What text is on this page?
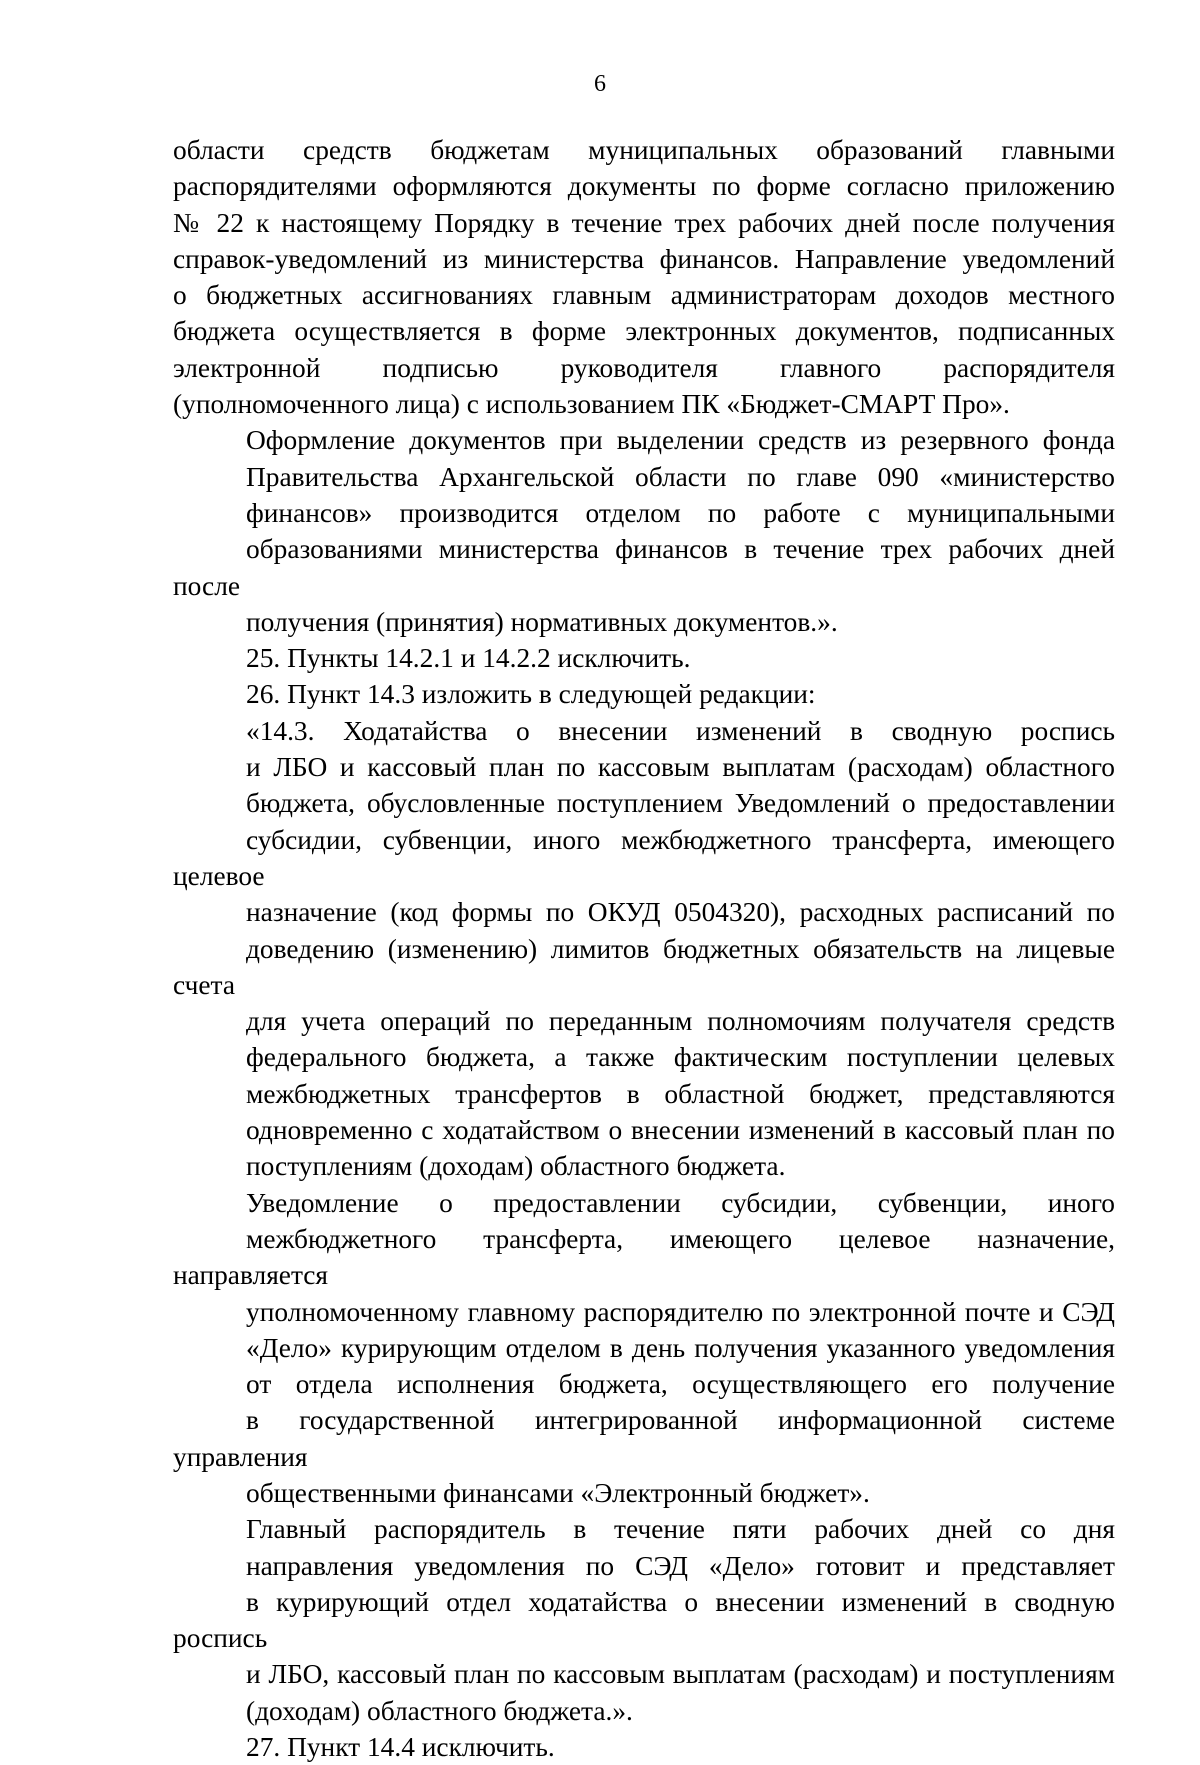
6

области средств бюджетам муниципальных образований главными
распорядителями оформляются документы по форме согласно приложению
№ 22 к настоящему Порядку в течение трех рабочих дней после получения
справок-уведомлений из министерства финансов. Направление уведомлений
о бюджетных ассигнованиях главным администраторам доходов местного
бюджета осуществляется в форме электронных документов, подписанных
электронной подписью руководителя главного распорядителя
(уполномоченного лица) с использованием ПК «Бюджет-СМАРТ Про».

Оформление документов при выделении средств из резервного фонда
Правительства Архангельской области по главе 090 «министерство
финансов» производится отделом по работе с муниципальными
образованиями министерства финансов в течение трех рабочих дней после
получения (принятия) нормативных документов.».

25. Пункты 14.2.1 и 14.2.2 исключить.

26. Пункт 14.3 изложить в следующей редакции:

«14.3. Ходатайства о внесении изменений в сводную роспись
и ЛБО и кассовый план по кассовым выплатам (расходам) областного
бюджета, обусловленные поступлением Уведомлений о предоставлении
субсидии, субвенции, иного межбюджетного трансферта, имеющего целевое
назначение (код формы по ОКУД 0504320), расходных расписаний по
доведению (изменению) лимитов бюджетных обязательств на лицевые счета
для учета операций по переданным полномочиям получателя средств
федерального бюджета, а также фактическим поступлении целевых
межбюджетных трансфертов в областной бюджет, представляются
одновременно с ходатайством о внесении изменений в кассовый план по
поступлениям (доходам) областного бюджета.

Уведомление о предоставлении субсидии, субвенции, иного
межбюджетного трансферта, имеющего целевое назначение, направляется
уполномоченному главному распорядителю по электронной почте и СЭД
«Дело» курирующим отделом в день получения указанного уведомления
от отдела исполнения бюджета, осуществляющего его получение
в государственной интегрированной информационной системе управления
общественными финансами «Электронный бюджет».

Главный распорядитель в течение пяти рабочих дней со дня
направления уведомления по СЭД «Дело» готовит и представляет
в курирующий отдел ходатайства о внесении изменений в сводную роспись
и ЛБО, кассовый план по кассовым выплатам (расходам) и поступлениям
(доходам) областного бюджета.».

27. Пункт 14.4 исключить.
